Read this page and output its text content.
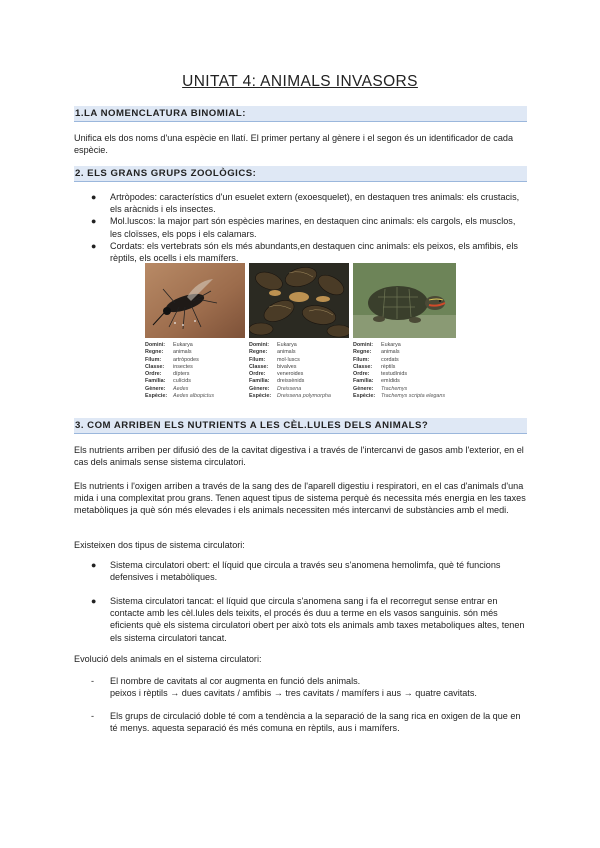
UNITAT 4: ANIMALS INVASORS
1.LA NOMENCLATURA BINOMIAL:
Unifica els dos noms d'una espècie en llatí. El primer pertany al gènere i el segon és un identificador de cada espècie.
2. ELS GRANS GRUPS ZOOLÒGICS:
● Artròpodes: característics d'un esuelet extern (exoesquelet), en destaquen tres animals: els crustacis, els aràcnids i els insectes.
● Mol.luscos: la major part són espècies marines, en destaquen cinc animals: els cargols, els musclos, les cloïsses, els pops i els calamars.
● Cordats: els vertebrats són els més abundants,en destaquen cinc animals: els peixos, els amfibis, els rèptils, els ocells i els mamífers.
Domini: Eukarya
Regne: animals
Fílum: artròpodes
Classe: insectes
Ordre: dípters
Família: culícids
Gènere: Aedes
Espècie: Aedes albopictus
Domini: Eukarya
Regne: animals
Fílum: mol·luscs
Classe: bivalves
Ordre: veneroides
Família: dreissènids
Gènere: Dreissena
Espècie: Dreissena polymorpha
Domini: Eukarya
Regne: animals
Fílum: cordats
Classe: rèptils
Ordre: testudínids
Família: emídids
Gènere: Trachemys
Espècie: Trachemys scripta elegans
3. COM ARRIBEN ELS NUTRIENTS A LES CÈL.LULES DELS ANIMALS?
Els nutrients arriben per difusió des de la cavitat digestiva i a través de l'intercanvi de gasos amb l'exterior, en el cas dels animals sense sistema circulatori.
Els nutrients i l'oxigen arriben a través de la sang des de l'aparell digestiu i respiratori, en el cas d'animals d'una mida i una complexitat prou grans. Tenen aquest tipus de sistema perquè és necessita més energia en les taxes metabòliques ja què són més elevades i els animals necessiten més intercanvi de substàncies amb el medi.
Existeixen dos tipus de sistema circulatori:
● Sistema circulatori obert: el líquid que circula a través seu s'anomena hemolimfa, què té funcions defensives i metabòliques.
● Sistema circulatori tancat: el líquid que circula s'anomena sang i fa el recorregut sense entrar en contacte amb les cèl.lules dels teixits, el procés és duu a terme en els vasos sanguinis. són més eficients què els sistema circulatori obert per això tots els animals amb taxes metaboliques altes, tenen els sistema circulatori tancat.
Evolució dels animals en el sistema circulatori:
- El nombre de cavitats al cor augmenta en funció dels animals.
peixos i rèptils → dues cavitats / amfibis → tres cavitats / mamífers i aus → quatre cavitats.
- Els grups de circulació doble té com a tendència a la separació de la sang rica en oxigen de la que en té menys. aquesta separació és més comuna en rèptils, aus i mamífers.
